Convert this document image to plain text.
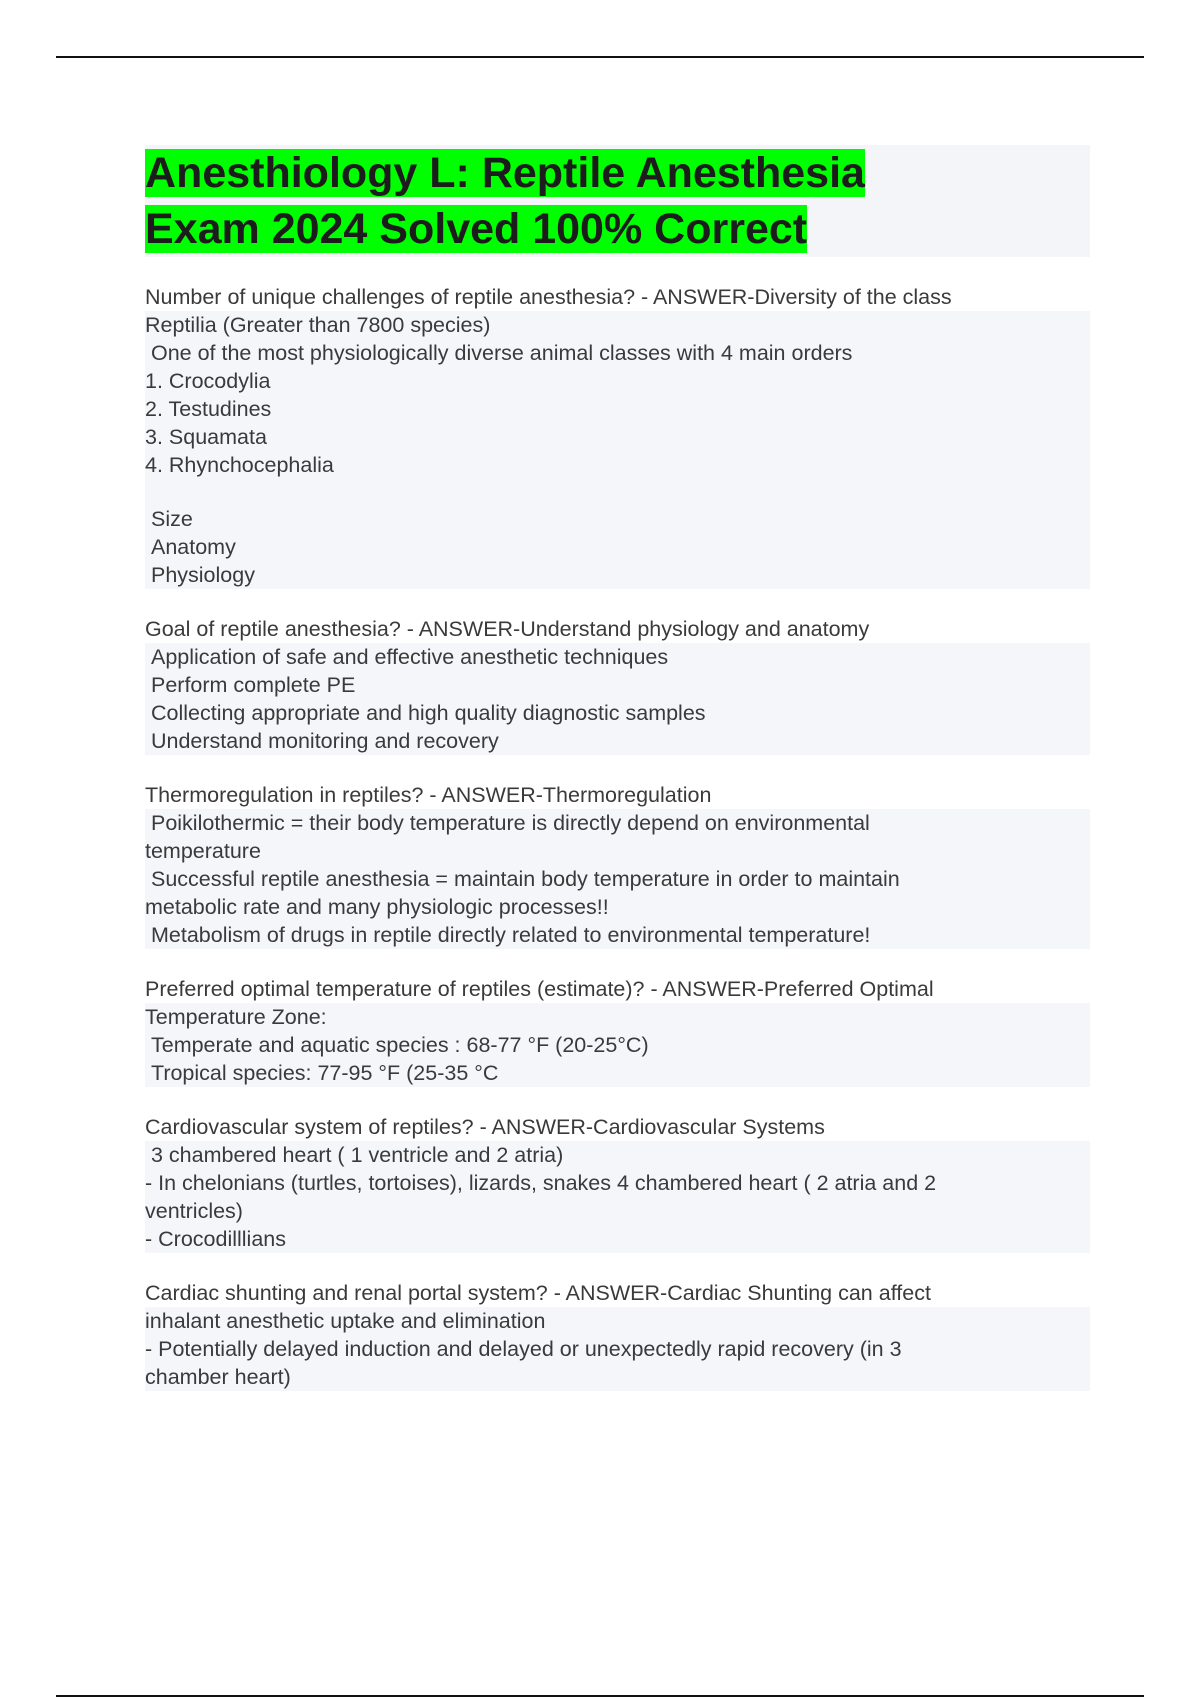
Anesthiology L: Reptile Anesthesia
Exam 2024 Solved 100% Correct
Number of unique challenges of reptile anesthesia? - ANSWER-Diversity of the class
Reptilia (Greater than 7800 species)
One of the most physiologically diverse animal classes with 4 main orders
1. Crocodylia
2. Testudines
3. Squamata
4. Rhynchocephalia
Size
Anatomy
Physiology
Goal of reptile anesthesia? - ANSWER-Understand physiology and anatomy
Application of safe and effective anesthetic techniques
Perform complete PE
Collecting appropriate and high quality diagnostic samples
Understand monitoring and recovery
Thermoregulation in reptiles? - ANSWER-Thermoregulation
Poikilothermic = their body temperature is directly depend on environmental
temperature
Successful reptile anesthesia = maintain body temperature in order to maintain
metabolic rate and many physiologic processes!!
Metabolism of drugs in reptile directly related to environmental temperature!
Preferred optimal temperature of reptiles (estimate)? - ANSWER-Preferred Optimal
Temperature Zone:
Temperate and aquatic species : 68-77 °F (20-25°C)
Tropical species: 77-95 °F (25-35 °C
Cardiovascular system of reptiles? - ANSWER-Cardiovascular Systems
3 chambered heart ( 1 ventricle and 2 atria)
- In chelonians (turtles, tortoises), lizards, snakes 4 chambered heart ( 2 atria and 2
ventricles)
- Crocodilllians
Cardiac shunting and renal portal system? - ANSWER-Cardiac Shunting can affect
inhalant anesthetic uptake and elimination
- Potentially delayed induction and delayed or unexpectedly rapid recovery (in 3
chamber heart)
